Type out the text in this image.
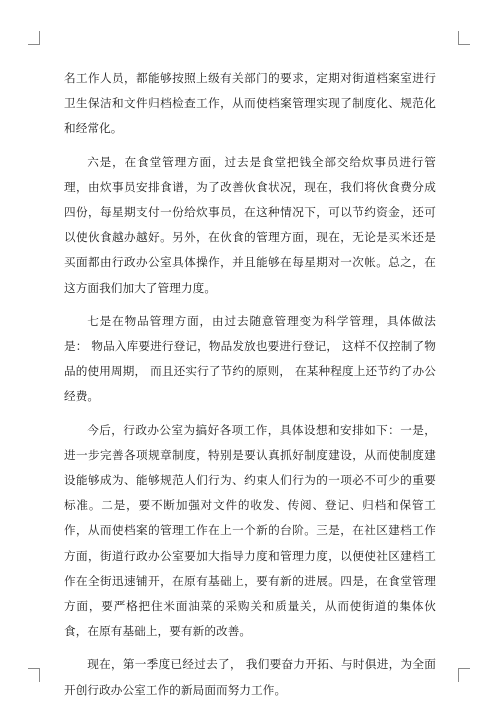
名工作人员，都能够按照上级有关部门的要求，定期对街道档案室进行卫生保洁和文件归档检查工作，从而使档案管理实现了制度化、规范化和经常化。

六是，在食堂管理方面，过去是食堂把钱全部交给炊事员进行管理，由炊事员安排食谱，为了改善伙食状况，现在，我们将伙食费分成四份，每星期支付一份给炊事员，在这种情况下，可以节约资金，还可以使伙食越办越好。另外，在伙食的管理方面，现在，无论是买米还是买面都由行政办公室具体操作，并且能够在每星期对一次帐。总之，在这方面我们加大了管理力度。

七是在物品管理方面，由过去随意管理变为科学管理，具体做法是： 物品入库要进行登记，物品发放也要进行登记， 这样不仅控制了物品的使用周期， 而且还实行了节约的原则， 在某种程度上还节约了办公经费。

今后，行政办公室为搞好各项工作，具体设想和安排如下：一是，进一步完善各项规章制度，特别是要认真抓好制度建设，从而使制度建设能够成为、能够规范人们行为、约束人们行为的一项必不可少的重要标准。二是，要不断加强对文件的收发、传阅、登记、归档和保管工作，从而使档案的管理工作在上一个新的台阶。三是，在社区建档工作方面，街道行政办公室要加大指导力度和管理力度，以便使社区建档工作在全街迅速铺开，在原有基础上，要有新的进展。四是，在食堂管理方面，要严格把住米面油菜的采购关和质量关，从而使街道的集体伙食，在原有基础上，要有新的改善。

现在，第一季度已经过去了， 我们要奋力开拓、与时俱进，为全面开创行政办公室工作的新局面而努力工作。
